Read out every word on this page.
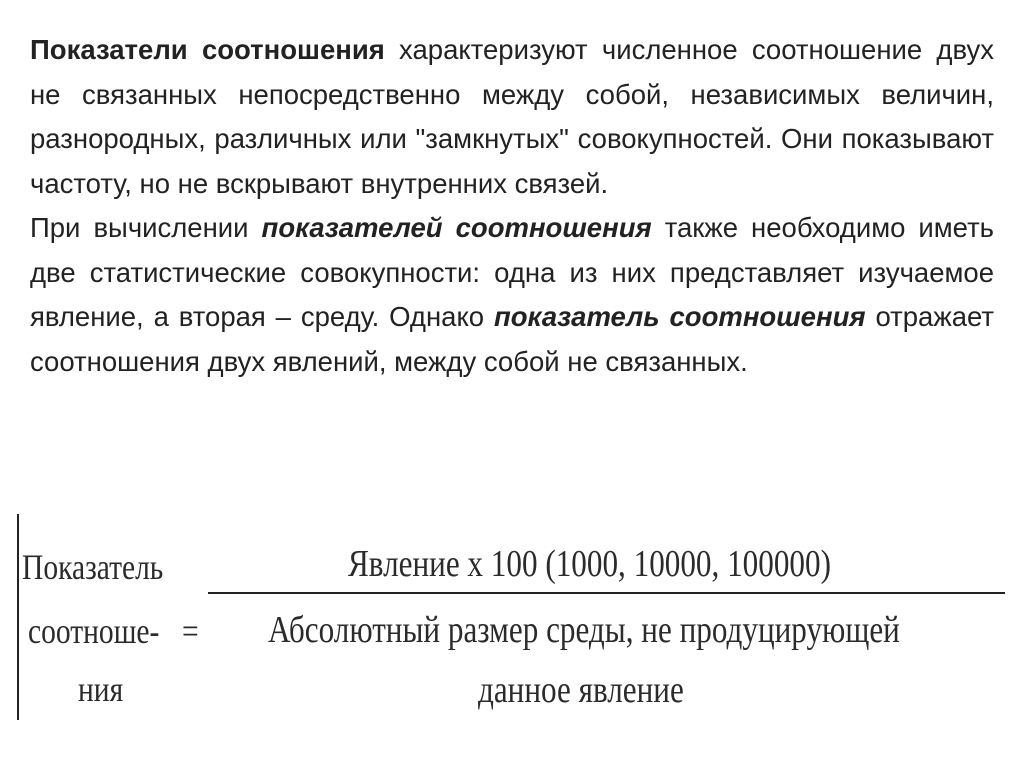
Показатели соотношения характеризуют численное соотношение двух не связанных непосредственно между собой, независимых величин, разнородных, различных или "замкнутых" совокупностей. Они показывают частоту, но не вскрывают внутренних связей.

При вычислении показателей соотношения также необходимо иметь две статистические совокупности: одна из них представляет изучаемое явление, а вторая – среду. Однако показатель соотношения отражает соотношения двух явлений, между собой не связанных.

Показатель
соотноше- =
ния
Явление х 100 (1000, 10000, 100000)
Абсолютный размер среды, не продуцирующей
данное явление
